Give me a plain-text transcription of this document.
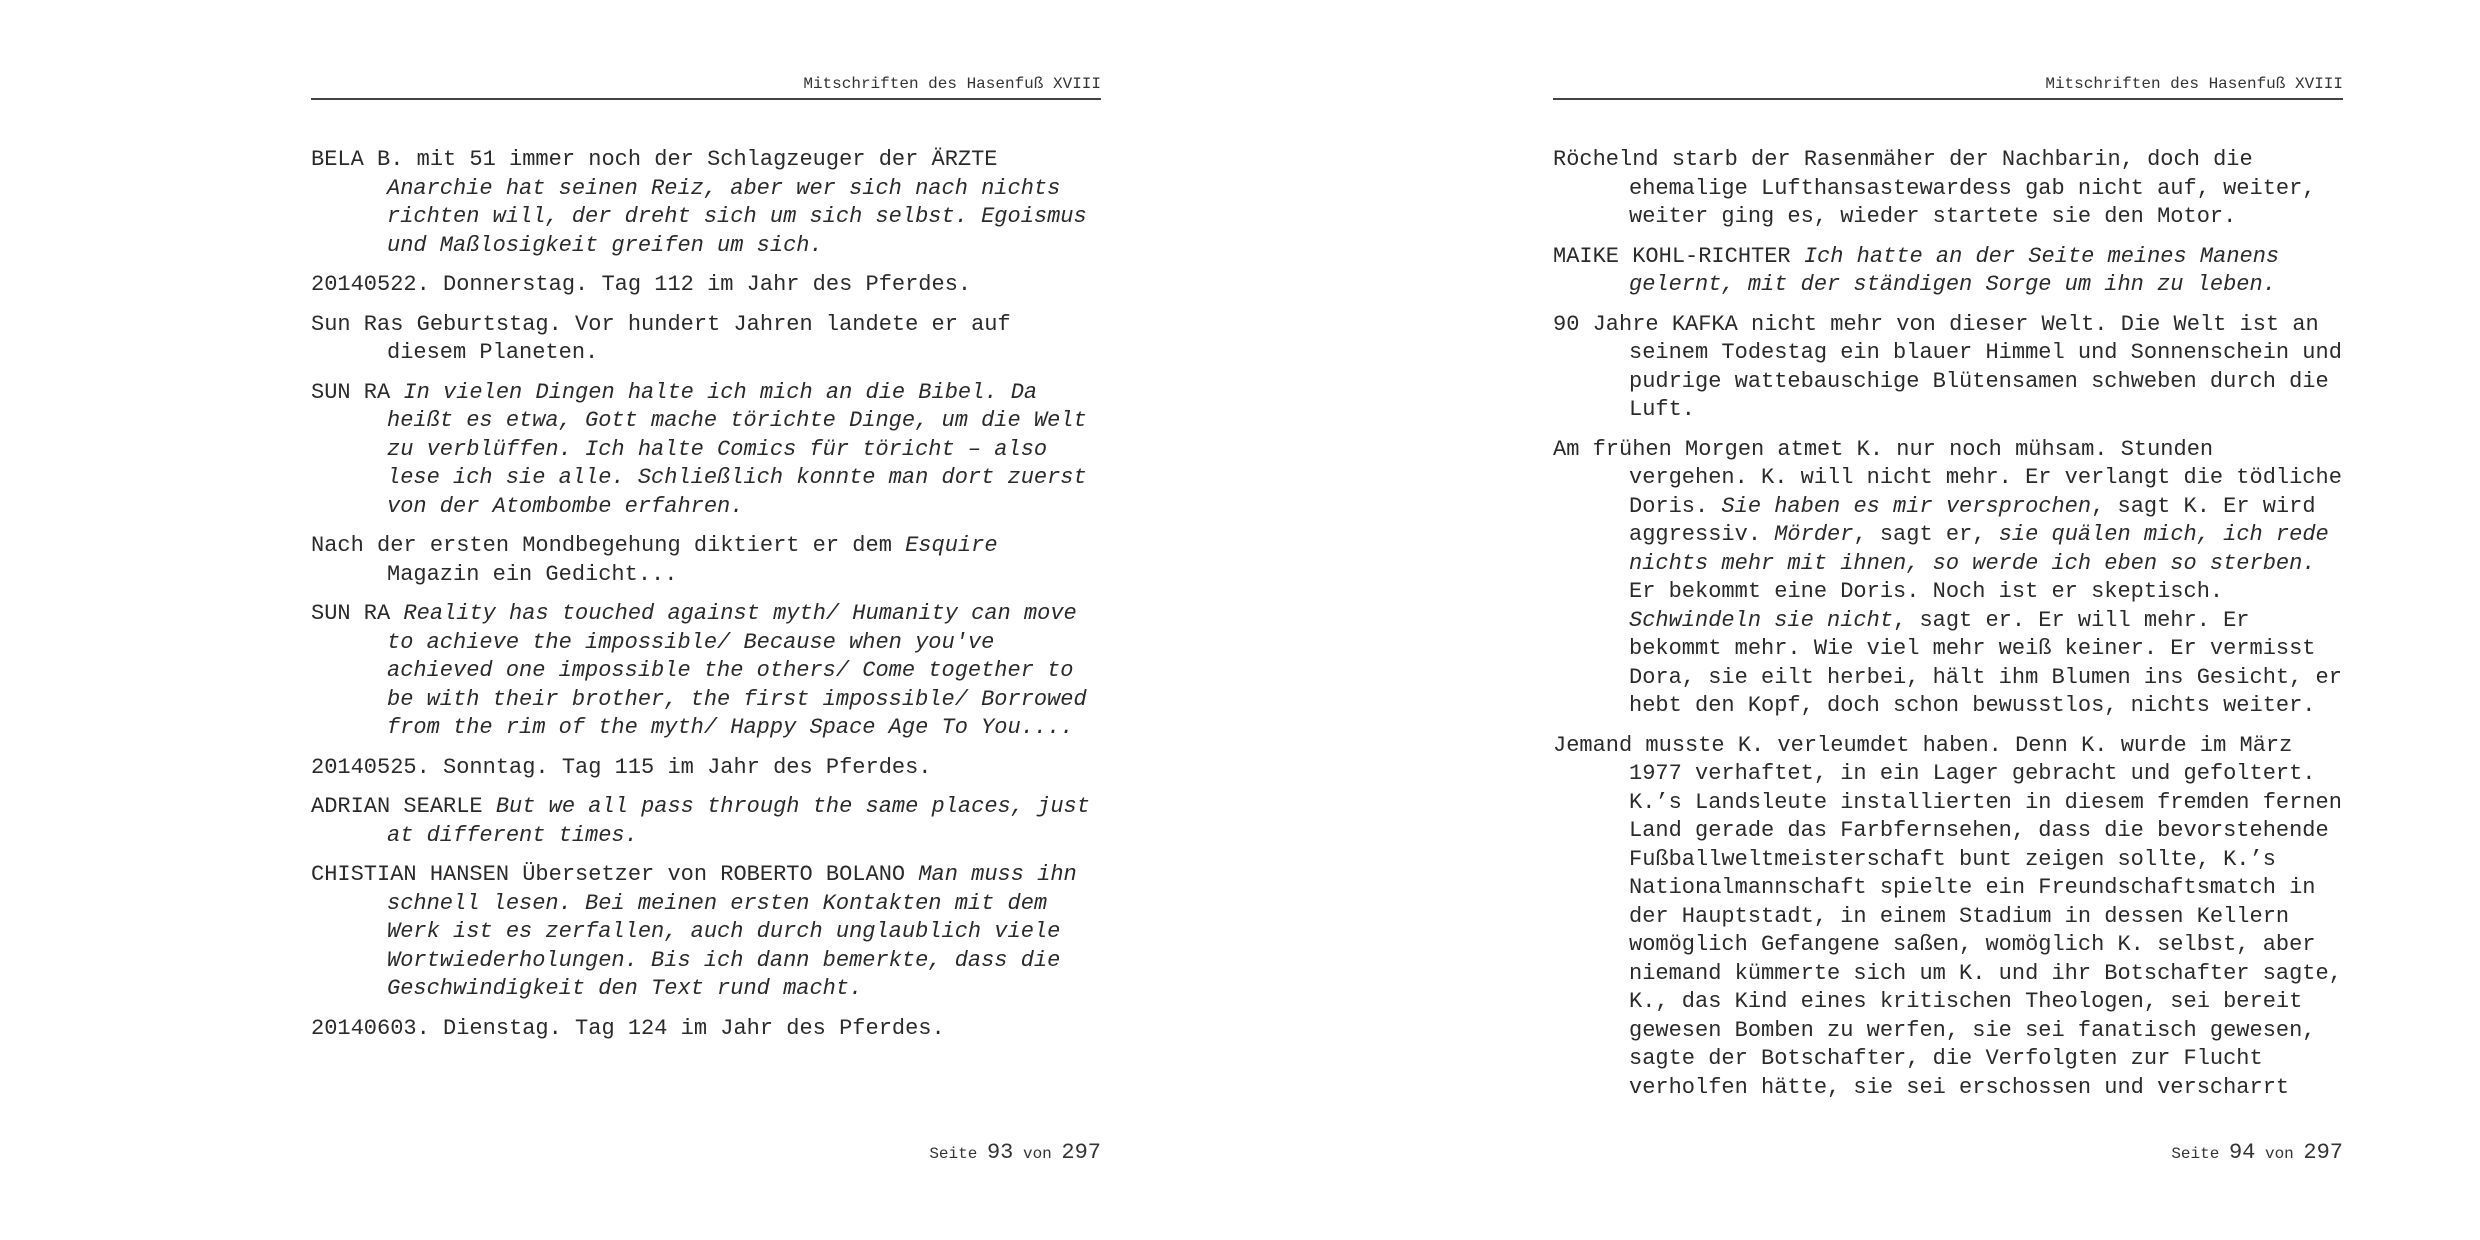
Mitschriften des Hasenfuß XVIII

BELA B. mit 51 immer noch der Schlagzeuger der ÄRZTE Anarchie hat seinen Reiz, aber wer sich nach nichts richten will, der dreht sich um sich selbst. Egoismus und Maßlosigkeit greifen um sich.

20140522. Donnerstag. Tag 112 im Jahr des Pferdes.

Sun Ras Geburtstag. Vor hundert Jahren landete er auf diesem Planeten.

SUN RA In vielen Dingen halte ich mich an die Bibel. Da heißt es etwa, Gott mache törichte Dinge, um die Welt zu verblüffen. Ich halte Comics für töricht – also lese ich sie alle. Schließlich konnte man dort zuerst von der Atombombe erfahren.

Nach der ersten Mondbegehung diktiert er dem Esquire Magazin ein Gedicht...

SUN RA Reality has touched against myth/ Humanity can move to achieve the impossible/ Because when you've achieved one impossible the others/ Come together to be with their brother, the first impossible/ Borrowed from the rim of the myth/ Happy Space Age To You....

20140525. Sonntag. Tag 115 im Jahr des Pferdes.

ADRIAN SEARLE But we all pass through the same places, just at different times.

CHISTIAN HANSEN Übersetzer von ROBERTO BOLANO Man muss ihn schnell lesen. Bei meinen ersten Kontakten mit dem Werk ist es zerfallen, auch durch unglaublich viele Wortwiederholungen. Bis ich dann bemerkte, dass die Geschwindigkeit den Text rund macht.

20140603. Dienstag. Tag 124 im Jahr des Pferdes.

Seite 93 von 297
Mitschriften des Hasenfuß XVIII

Röchelnd starb der Rasenmäher der Nachbarin, doch die ehemalige Lufthansastewardess gab nicht auf, weiter, weiter ging es, wieder startete sie den Motor.

MAIKE KOHL-RICHTER Ich hatte an der Seite meines Manens gelernt, mit der ständigen Sorge um ihn zu leben.

90 Jahre KAFKA nicht mehr von dieser Welt. Die Welt ist an seinem Todestag ein blauer Himmel und Sonnenschein und pudrige wattebauschige Blütensamen schweben durch die Luft.

Am frühen Morgen atmet K. nur noch mühsam. Stunden vergehen. K. will nicht mehr. Er verlangt die tödliche Doris. Sie haben es mir versprochen, sagt K. Er wird aggressiv. Mörder, sagt er, sie quälen mich, ich rede nichts mehr mit ihnen, so werde ich eben so sterben. Er bekommt eine Doris. Noch ist er skeptisch. Schwindeln sie nicht, sagt er. Er will mehr. Er bekommt mehr. Wie viel mehr weiß keiner. Er vermisst Dora, sie eilt herbei, hält ihm Blumen ins Gesicht, er hebt den Kopf, doch schon bewusstlos, nichts weiter.

Jemand musste K. verleumdet haben. Denn K. wurde im März 1977 verhaftet, in ein Lager gebracht und gefoltert. K.’s Landsleute installierten in diesem fremden fernen Land gerade das Farbfernsehen, dass die bevorstehende Fußballweltmeisterschaft bunt zeigen sollte, K.’s Nationalmannschaft spielte ein Freundschaftsmatch in der Hauptstadt, in einem Stadium in dessen Kellern womöglich Gefangene saßen, womöglich K. selbst, aber niemand kümmerte sich um K. und ihr Botschafter sagte, K., das Kind eines kritischen Theologen, sei bereit gewesen Bomben zu werfen, sie sei fanatisch gewesen, sagte der Botschafter, die Verfolgten zur Flucht verholfen hätte, sie sei erschossen und verscharrt

Seite 94 von 297
